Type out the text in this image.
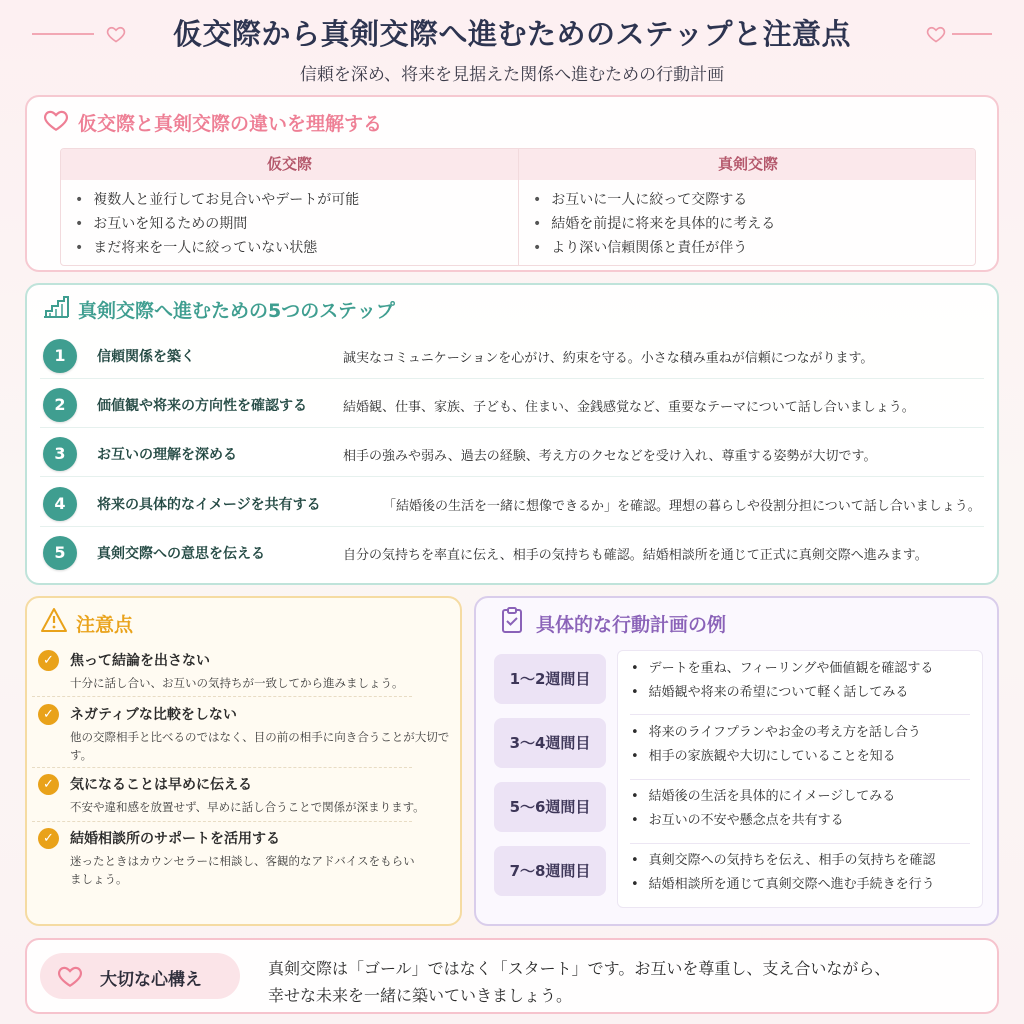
仮交際から真剣交際へ進むためのステップと注意点
信頼を深め、将来を見据えた関係へ進むための行動計画
仮交際と真剣交際の違いを理解する
仮交際
• 複数人と並行してお見合いやデートが可能
• お互いを知るための期間
• まだ将来を一人に絞っていない状態
真剣交際
• お互いに一人に絞って交際する
• 結婚を前提に将来を具体的に考える
• より深い信頼関係と責任が伴う
真剣交際へ進むための5つのステップ
1	信頼関係を築く	誠実なコミュニケーションを心がけ、約束を守る。小さな積み重ねが信頼につながります。
2	価値観や将来の方向性を確認する	結婚観、仕事、家族、子ども、住まい、金銭感覚など、重要なテーマについて話し合いましょう。
3	お互いの理解を深める	相手の強みや弱み、過去の経験、考え方のクセなどを受け入れ、尊重する姿勢が大切です。
4	将来の具体的なイメージを共有する	「結婚後の生活を一緒に想像できるか」を確認。理想の暮らしや役割分担について話し合いましょう。
5	真剣交際への意思を伝える	自分の気持ちを率直に伝え、相手の気持ちも確認。結婚相談所を通じて正式に真剣交際へ進みます。
注意点
✓	焦って結論を出さない
十分に話し合い、お互いの気持ちが一致してから進みましょう。
✓	ネガティブな比較をしない
他の交際相手と比べるのではなく、目の前の相手に向き合うことが大切です。
✓	気になることは早めに伝える
不安や違和感を放置せず、早めに話し合うことで関係が深まります。
✓	結婚相談所のサポートを活用する
迷ったときはカウンセラーに相談し、客観的なアドバイスをもらいましょう。
具体的な行動計画の例
1〜2週間目
• デートを重ね、フィーリングや価値観を確認する
• 結婚観や将来の希望について軽く話してみる
3〜4週間目
• 将来のライフプランやお金の考え方を話し合う
• 相手の家族観や大切にしていることを知る
5〜6週間目
• 結婚後の生活を具体的にイメージしてみる
• お互いの不安や懸念点を共有する
7〜8週間目
• 真剣交際への気持ちを伝え、相手の気持ちを確認
• 結婚相談所を通じて真剣交際へ進む手続きを行う
大切な心構え
真剣交際は「ゴール」ではなく「スタート」です。お互いを尊重し、支え合いながら、
幸せな未来を一緒に築いていきましょう。
